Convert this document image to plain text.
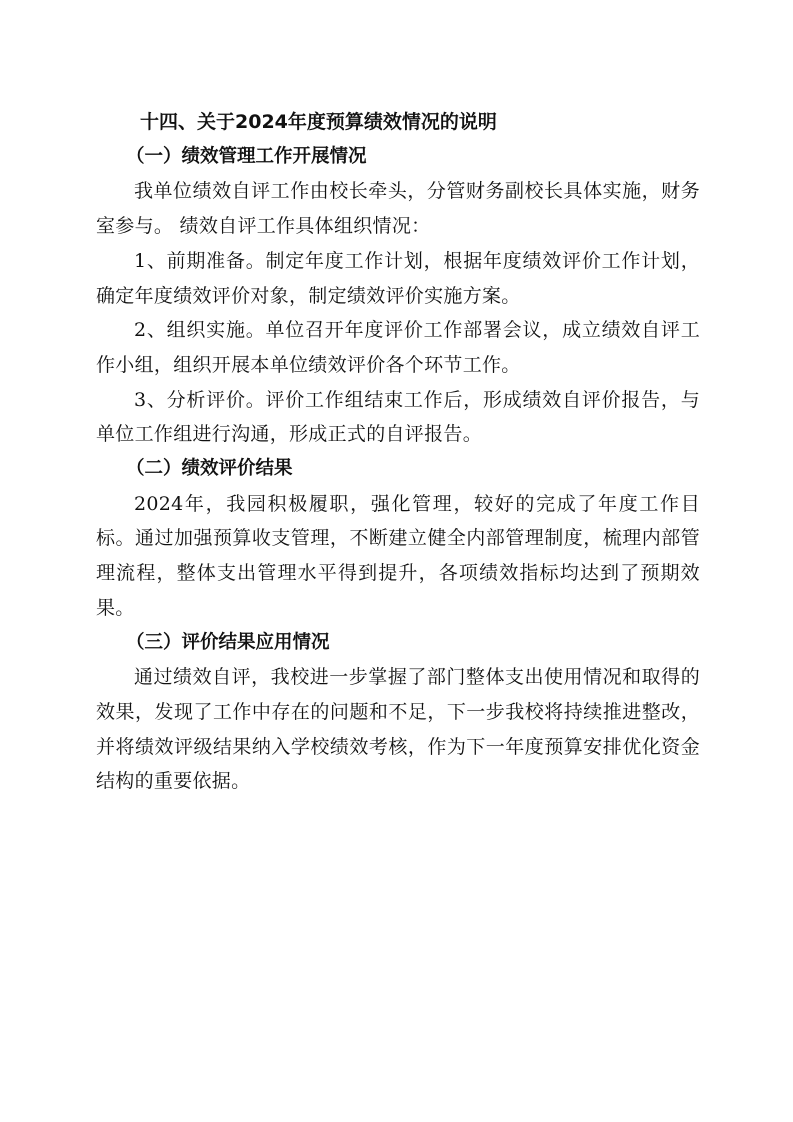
十四、关于2024年度预算绩效情况的说明
（一）绩效管理工作开展情况

我单位绩效自评工作由校长牵头，分管财务副校长具体实施，财务室参与。 绩效自评工作具体组织情况：

1、前期准备。制定年度工作计划，根据年度绩效评价工作计划，确定年度绩效评价对象，制定绩效评价实施方案。

2、组织实施。单位召开年度评价工作部署会议，成立绩效自评工作小组，组织开展本单位绩效评价各个环节工作。

3、分析评价。评价工作组结束工作后，形成绩效自评价报告，与单位工作组进行沟通，形成正式的自评报告。

（二）绩效评价结果

2024年，我园积极履职，强化管理，较好的完成了年度工作目标。通过加强预算收支管理，不断建立健全内部管理制度，梳理内部管理流程，整体支出管理水平得到提升，各项绩效指标均达到了预期效果。

（三）评价结果应用情况

通过绩效自评，我校进一步掌握了部门整体支出使用情况和取得的效果，发现了工作中存在的问题和不足，下一步我校将持续推进整改，并将绩效评级结果纳入学校绩效考核，作为下一年度预算安排优化资金结构的重要依据。
